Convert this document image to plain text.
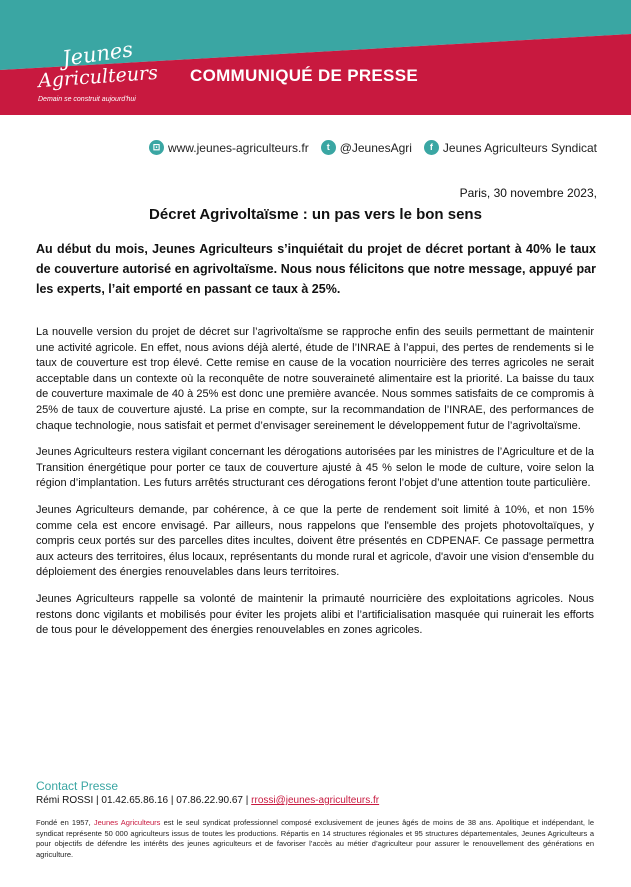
Jeunes
Agriculteurs
Demain se construit aujourd'hui
COMMUNIQUÉ DE PRESSE
⊡ www.jeunes-agriculteurs.fr	t @JeunesAgri	f Jeunes Agriculteurs Syndicat
Paris, 30 novembre 2023,
Décret Agrivoltaïsme : un pas vers le bon sens
Au début du mois, Jeunes Agriculteurs s’inquiétait du projet de décret portant à 40% le taux de couverture autorisé en agrivoltaïsme. Nous nous félicitons que notre message, appuyé par les experts, l’ait emporté en passant ce taux à 25%.

La nouvelle version du projet de décret sur l’agrivoltaïsme se rapproche enfin des seuils permettant de maintenir une activité agricole. En effet, nous avions déjà alerté, étude de l’INRAE à l’appui, des pertes de rendements si le taux de couverture est trop élevé. Cette remise en cause de la vocation nourricière des terres agricoles ne serait acceptable dans un contexte où la reconquête de notre souveraineté alimentaire est la priorité. La baisse du taux de couverture maximale de 40 à 25% est donc une première avancée. Nous sommes satisfaits de ce compromis à 25% de taux de couverture ajusté. La prise en compte, sur la recommandation de l’INRAE, des performances de chaque technologie, nous satisfait et permet d’envisager sereinement le développement futur de l’agrivoltaïsme.

Jeunes Agriculteurs restera vigilant concernant les dérogations autorisées par les ministres de l’Agriculture et de la Transition énergétique pour porter ce taux de couverture ajusté à 45 % selon le mode de culture, voire selon la région d’implantation. Les futurs arrêtés structurant ces dérogations feront l’objet d’une attention toute particulière.

Jeunes Agriculteurs demande, par cohérence, à ce que la perte de rendement soit limité à 10%, et non 15% comme cela est encore envisagé. Par ailleurs, nous rappelons que l'ensemble des projets photovoltaïques, y compris ceux portés sur des parcelles dites incultes, doivent être présentés en CDPENAF. Ce passage permettra aux acteurs des territoires, élus locaux, représentants du monde rural et agricole, d'avoir une vision d'ensemble du déploiement des énergies renouvelables dans leurs territoires.

Jeunes Agriculteurs rappelle sa volonté de maintenir la primauté nourricière des exploitations agricoles. Nous restons donc vigilants et mobilisés pour éviter les projets alibi et l’artificialisation masquée qui ruinerait les efforts de tous pour le développement des énergies renouvelables en zones agricoles.

Contact Presse
Rémi ROSSI | 01.42.65.86.16 | 07.86.22.90.67 | rrossi@jeunes-agriculteurs.fr
Fondé en 1957, Jeunes Agriculteurs est le seul syndicat professionnel composé exclusivement de jeunes âgés de moins de 38 ans. Apolitique et indépendant, le syndicat représente 50 000 agriculteurs issus de toutes les productions. Répartis en 14 structures régionales et 95 structures départementales, Jeunes Agriculteurs a pour objectifs de défendre les intérêts des jeunes agriculteurs et de favoriser l’accès au métier d’agriculteur pour assurer le renouvellement des générations en agriculture.
